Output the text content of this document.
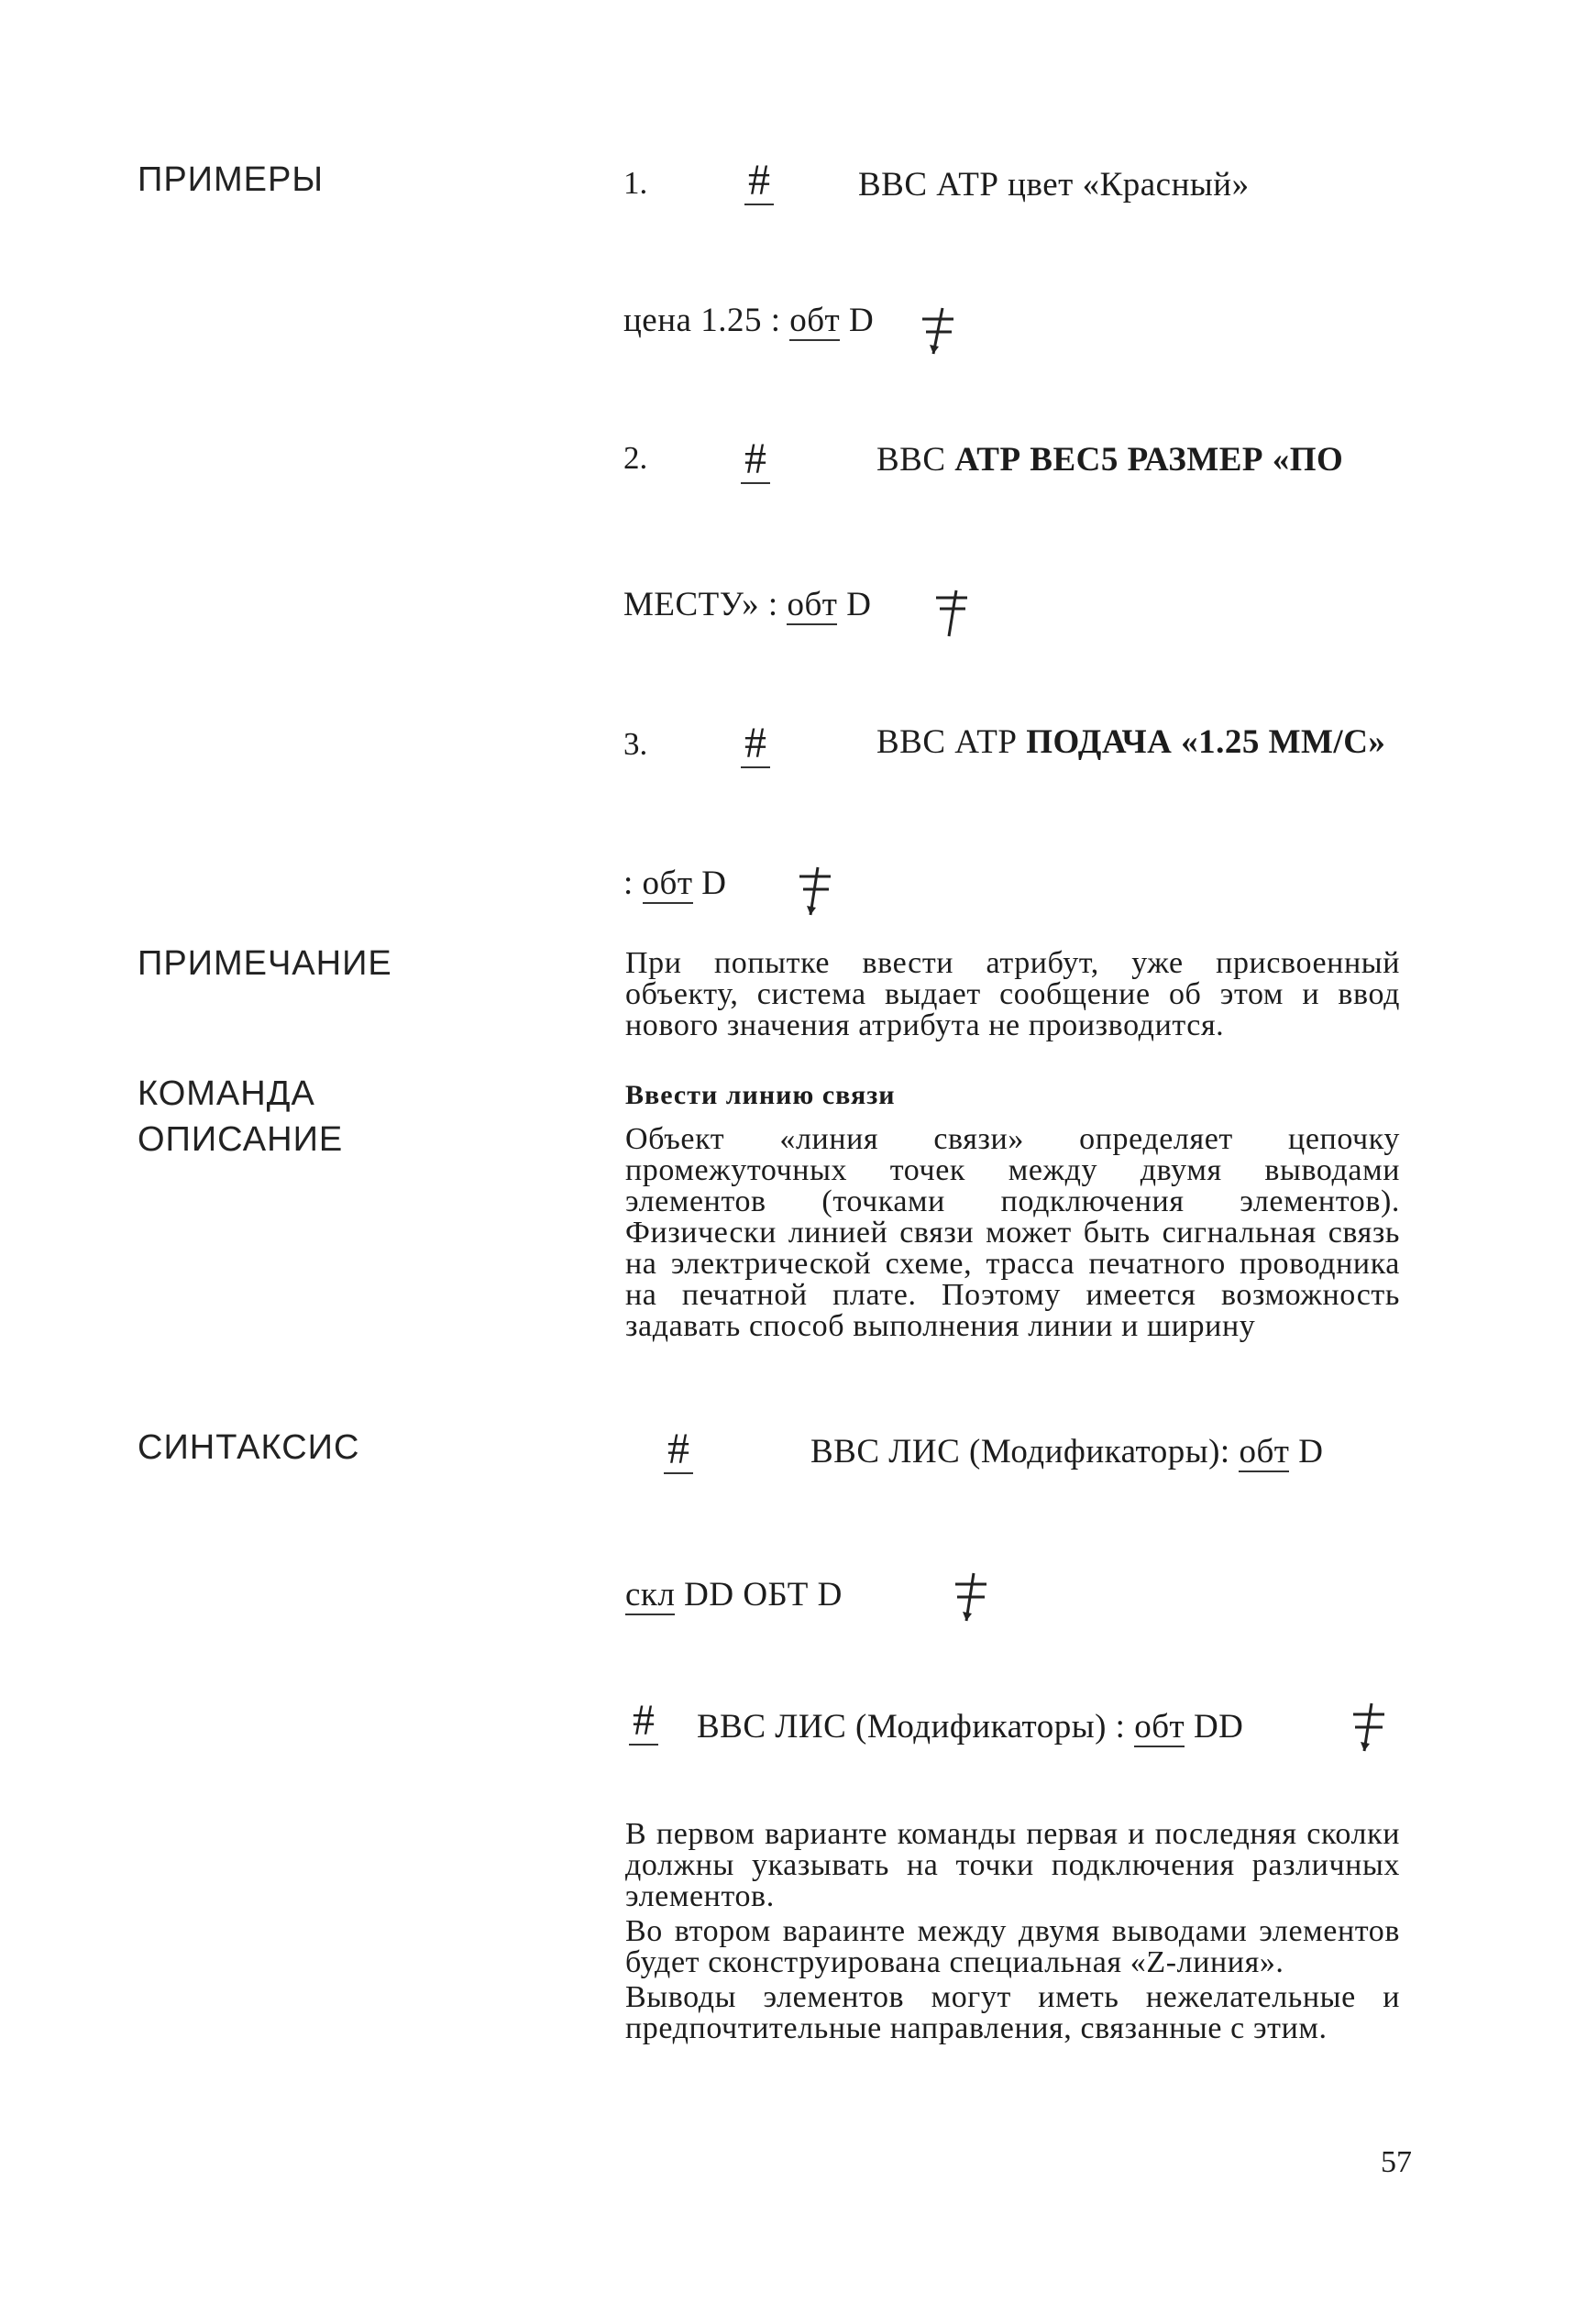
ПРИМЕРЫ
ПРИМЕЧАНИЕ
КОМАНДА
ОПИСАНИЕ
СИНТАКСИС
1. #	ВВС АТР цвет «Красный»
цена 1.25 : обт D
2. #	ВВС АТР ВЕС5 РАЗМЕР «ПО
МЕСТУ» : обт D
3. #	ВВС АТР ПОДАЧА «1.25 ММ/С»
: обт D
При попытке ввести атрибут, уже присвоенный объекту, система выдает сообщение об этом и ввод нового значения атрибута не производится.
Ввести линию связи
Объект «линия связи» определяет цепочку промежуточных точек между двумя выводами элементов (точками подключения элементов). Физически линией связи может быть сигнальная связь на электрической схеме, трасса печатного проводника на печатной плате. Поэтому имеется возможность задавать способ выполнения линии и ширину
#	ВВС ЛИС (Модификаторы): обт D
скл DD ОБТ D
# ВВС ЛИС (Модификаторы) : обт DD

В первом варианте команды первая и последняя сколки должны указывать на точки подключения различных элементов.

Во втором вараинте между двумя выводами элементов будет сконструирована специальная «Z-линия».

Выводы элементов могут иметь нежелательные и предпочтительные направления, связанные с этим.

57
